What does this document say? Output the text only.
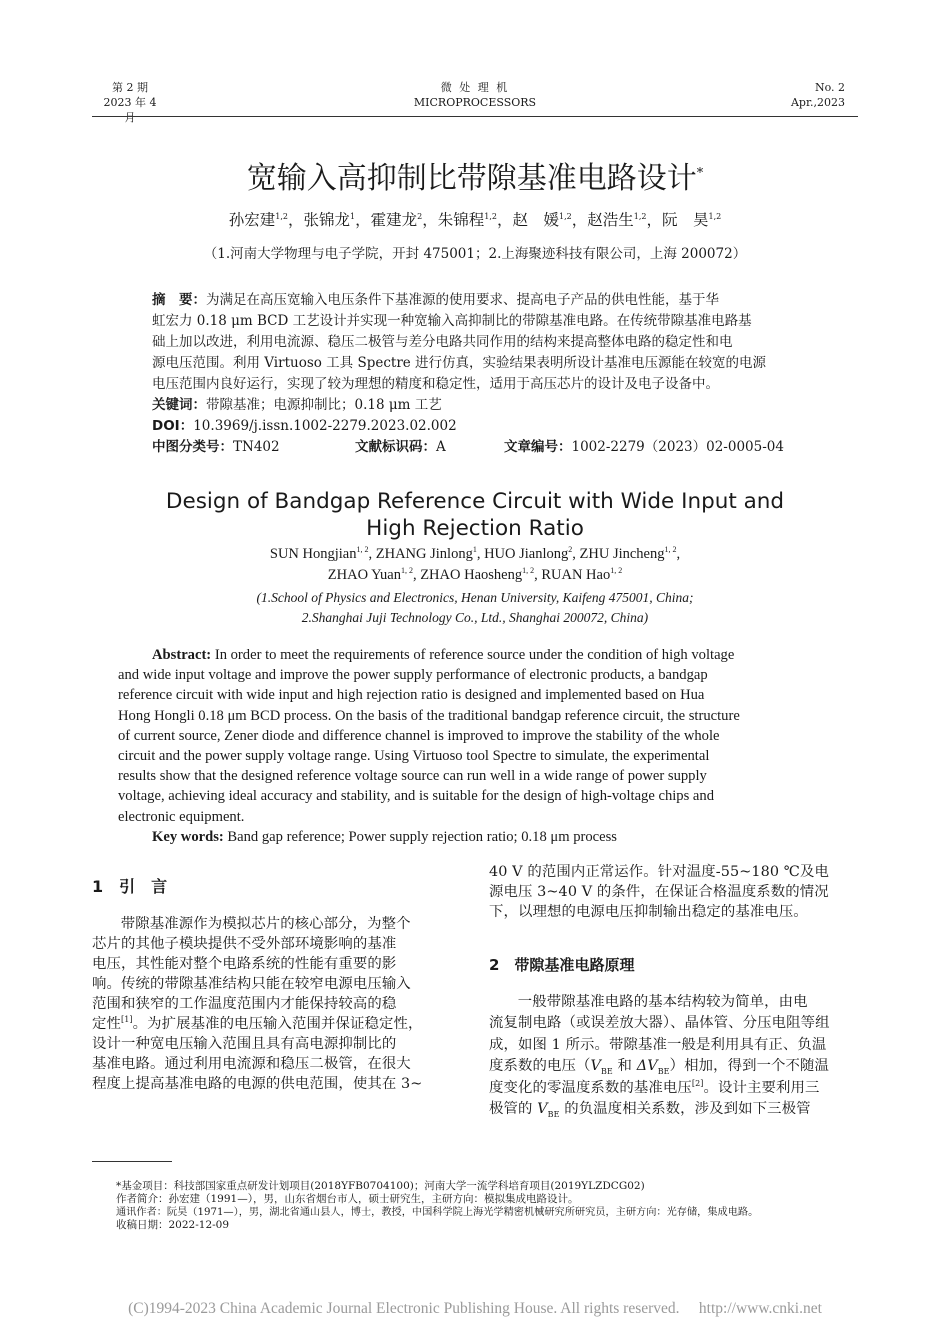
第 2 期
2023 年 4 月
微 处 理 机
MICROPROCESSORS
No. 2
Apr.,2023
宽输入高抑制比带隙基准电路设计*
孙宏建$^{1,2}$，张锦龙$^1$，霍建龙$^2$，朱锦程$^{1,2}$，赵　媛$^{1,2}$，赵浩生$^{1,2}$，阮　昊$^{1,2}$
（1.河南大学物理与电子学院，开封 475001；2.上海聚迹科技有限公司，上海 200072）
摘　要：为满足在高压宽输入电压条件下基准源的使用要求、提高电子产品的供电性能，基于华
虹宏力 0.18 μm BCD 工艺设计并实现一种宽输入高抑制比的带隙基准电路。在传统带隙基准电路基
础上加以改进，利用电流源、稳压二极管与差分电路共同作用的结构来提高整体电路的稳定性和电
源电压范围。利用 Virtuoso 工具 Spectre 进行仿真，实验结果表明所设计基准电压源能在较宽的电源
电压范围内良好运行，实现了较为理想的精度和稳定性，适用于高压芯片的设计及电子设备中。
关键词：带隙基准；电源抑制比；0.18 μm 工艺
DOI：10.3969/j.issn.1002-2279.2023.02.002
中图分类号：TN402	文献标识码：A	文章编号：1002-2279（2023）02-0005-04
Design of Bandgap Reference Circuit with Wide Input and
High Rejection Ratio
SUN Hongjian$^{1, 2}$, ZHANG Jinlong$^1$, HUO Jianlong$^2$, ZHU Jincheng$^{1, 2}$,
ZHAO Yuan$^{1, 2}$, ZHAO Haosheng$^{1, 2}$, RUAN Hao$^{1, 2}$
(1.School of Physics and Electronics, Henan University, Kaifeng 475001, China;
2.Shanghai Juji Technology Co., Ltd., Shanghai 200072, China)
Abstract: In order to meet the requirements of reference source under the condition of high voltage
and wide input voltage and improve the power supply performance of electronic products, a bandgap
reference circuit with wide input and high rejection ratio is designed and implemented based on Hua
Hong Hongli 0.18 μm BCD process. On the basis of the traditional bandgap reference circuit, the structure
of current source, Zener diode and difference channel is improved to improve the stability of the whole
circuit and the power supply voltage range. Using Virtuoso tool Spectre to simulate, the experimental
results show that the designed reference voltage source can run well in a wide range of power supply
voltage, achieving ideal accuracy and stability, and is suitable for the design of high-voltage chips and
electronic equipment.
Key words: Band gap reference; Power supply rejection ratio; 0.18 μm process
1　引　言
带隙基准源作为模拟芯片的核心部分，为整个
芯片的其他子模块提供不受外部环境影响的基准
电压，其性能对整个电路系统的性能有重要的影
响。传统的带隙基准结构只能在较窄电源电压输入
范围和狭窄的工作温度范围内才能保持较高的稳
定性[1]。为扩展基准的电压输入范围并保证稳定性，
设计一种宽电压输入范围且具有高电源抑制比的
基准电路。通过利用电流源和稳压二极管，在很大
程度上提高基准电路的电源的供电范围，使其在 3~
40 V 的范围内正常运作。针对温度-55~180 ℃及电
源电压 3~40 V 的条件，在保证合格温度系数的情况
下，以理想的电源电压抑制输出稳定的基准电压。
2　带隙基准电路原理
一般带隙基准电路的基本结构较为简单，由电
流复制电路（或误差放大器）、晶体管、分压电阻等组
成，如图 1 所示。带隙基准一般是利用具有正、负温
度系数的电压（$V_{BE}$ 和 $\Delta V_{BE}$）相加，得到一个不随温
度变化的零温度系数的基准电压[2]。设计主要利用三
极管的 $V_{BE}$ 的负温度相关系数，涉及到如下三极管
*基金项目：科技部国家重点研发计划项目(2018YFB0704100)；河南大学一流学科培育项目(2019YLZDCG02)
作者简介：孙宏建（1991—），男，山东省烟台市人，硕士研究生，主研方向：模拟集成电路设计。
通讯作者：阮昊（1971—），男，湖北省通山县人，博士，教授，中国科学院上海光学精密机械研究所研究员，主研方向：光存储，集成电路。
收稿日期：2022-12-09
(C)1994-2023 China Academic Journal Electronic Publishing House. All rights reserved.　 http://www.cnki.net
